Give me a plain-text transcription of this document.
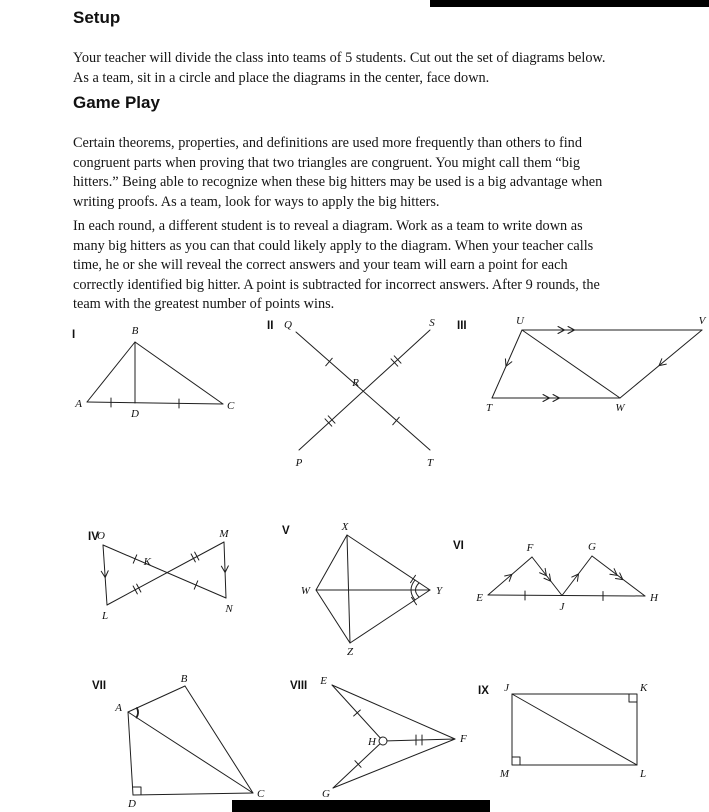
Setup

Your teacher will divide the class into teams of 5 students. Cut out the set of diagrams below.
As a team, sit in a circle and place the diagrams in the center, face down.

Game Play

Certain theorems, properties, and definitions are used more frequently than others to find
congruent parts when proving that two triangles are congruent. You might call them “big
hitters.” Being able to recognize when these big hitters may be used is a big advantage when
writing proofs. As a team, look for ways to apply the big hitters.

In each round, a different student is to reveal a diagram. Work as a team to write down as
many big hitters as you can that could likely apply to the diagram. When your teacher calls
time, he or she will reveal the correct answers and your team will earn a point for each
correctly identified big hitter. A point is subtracted for incorrect answers. After 9 rounds, the
team with the greatest number of points wins.

I	B
A	C
D
II Q	S
R
P	T
III	U	V
T	W
IV
O	M
K
L
N
V	X
W	Y
Z
VI
E
F	G
J
H
VII
B
A
D
C
VIII E
H	F
G
IX J	K
M	L
